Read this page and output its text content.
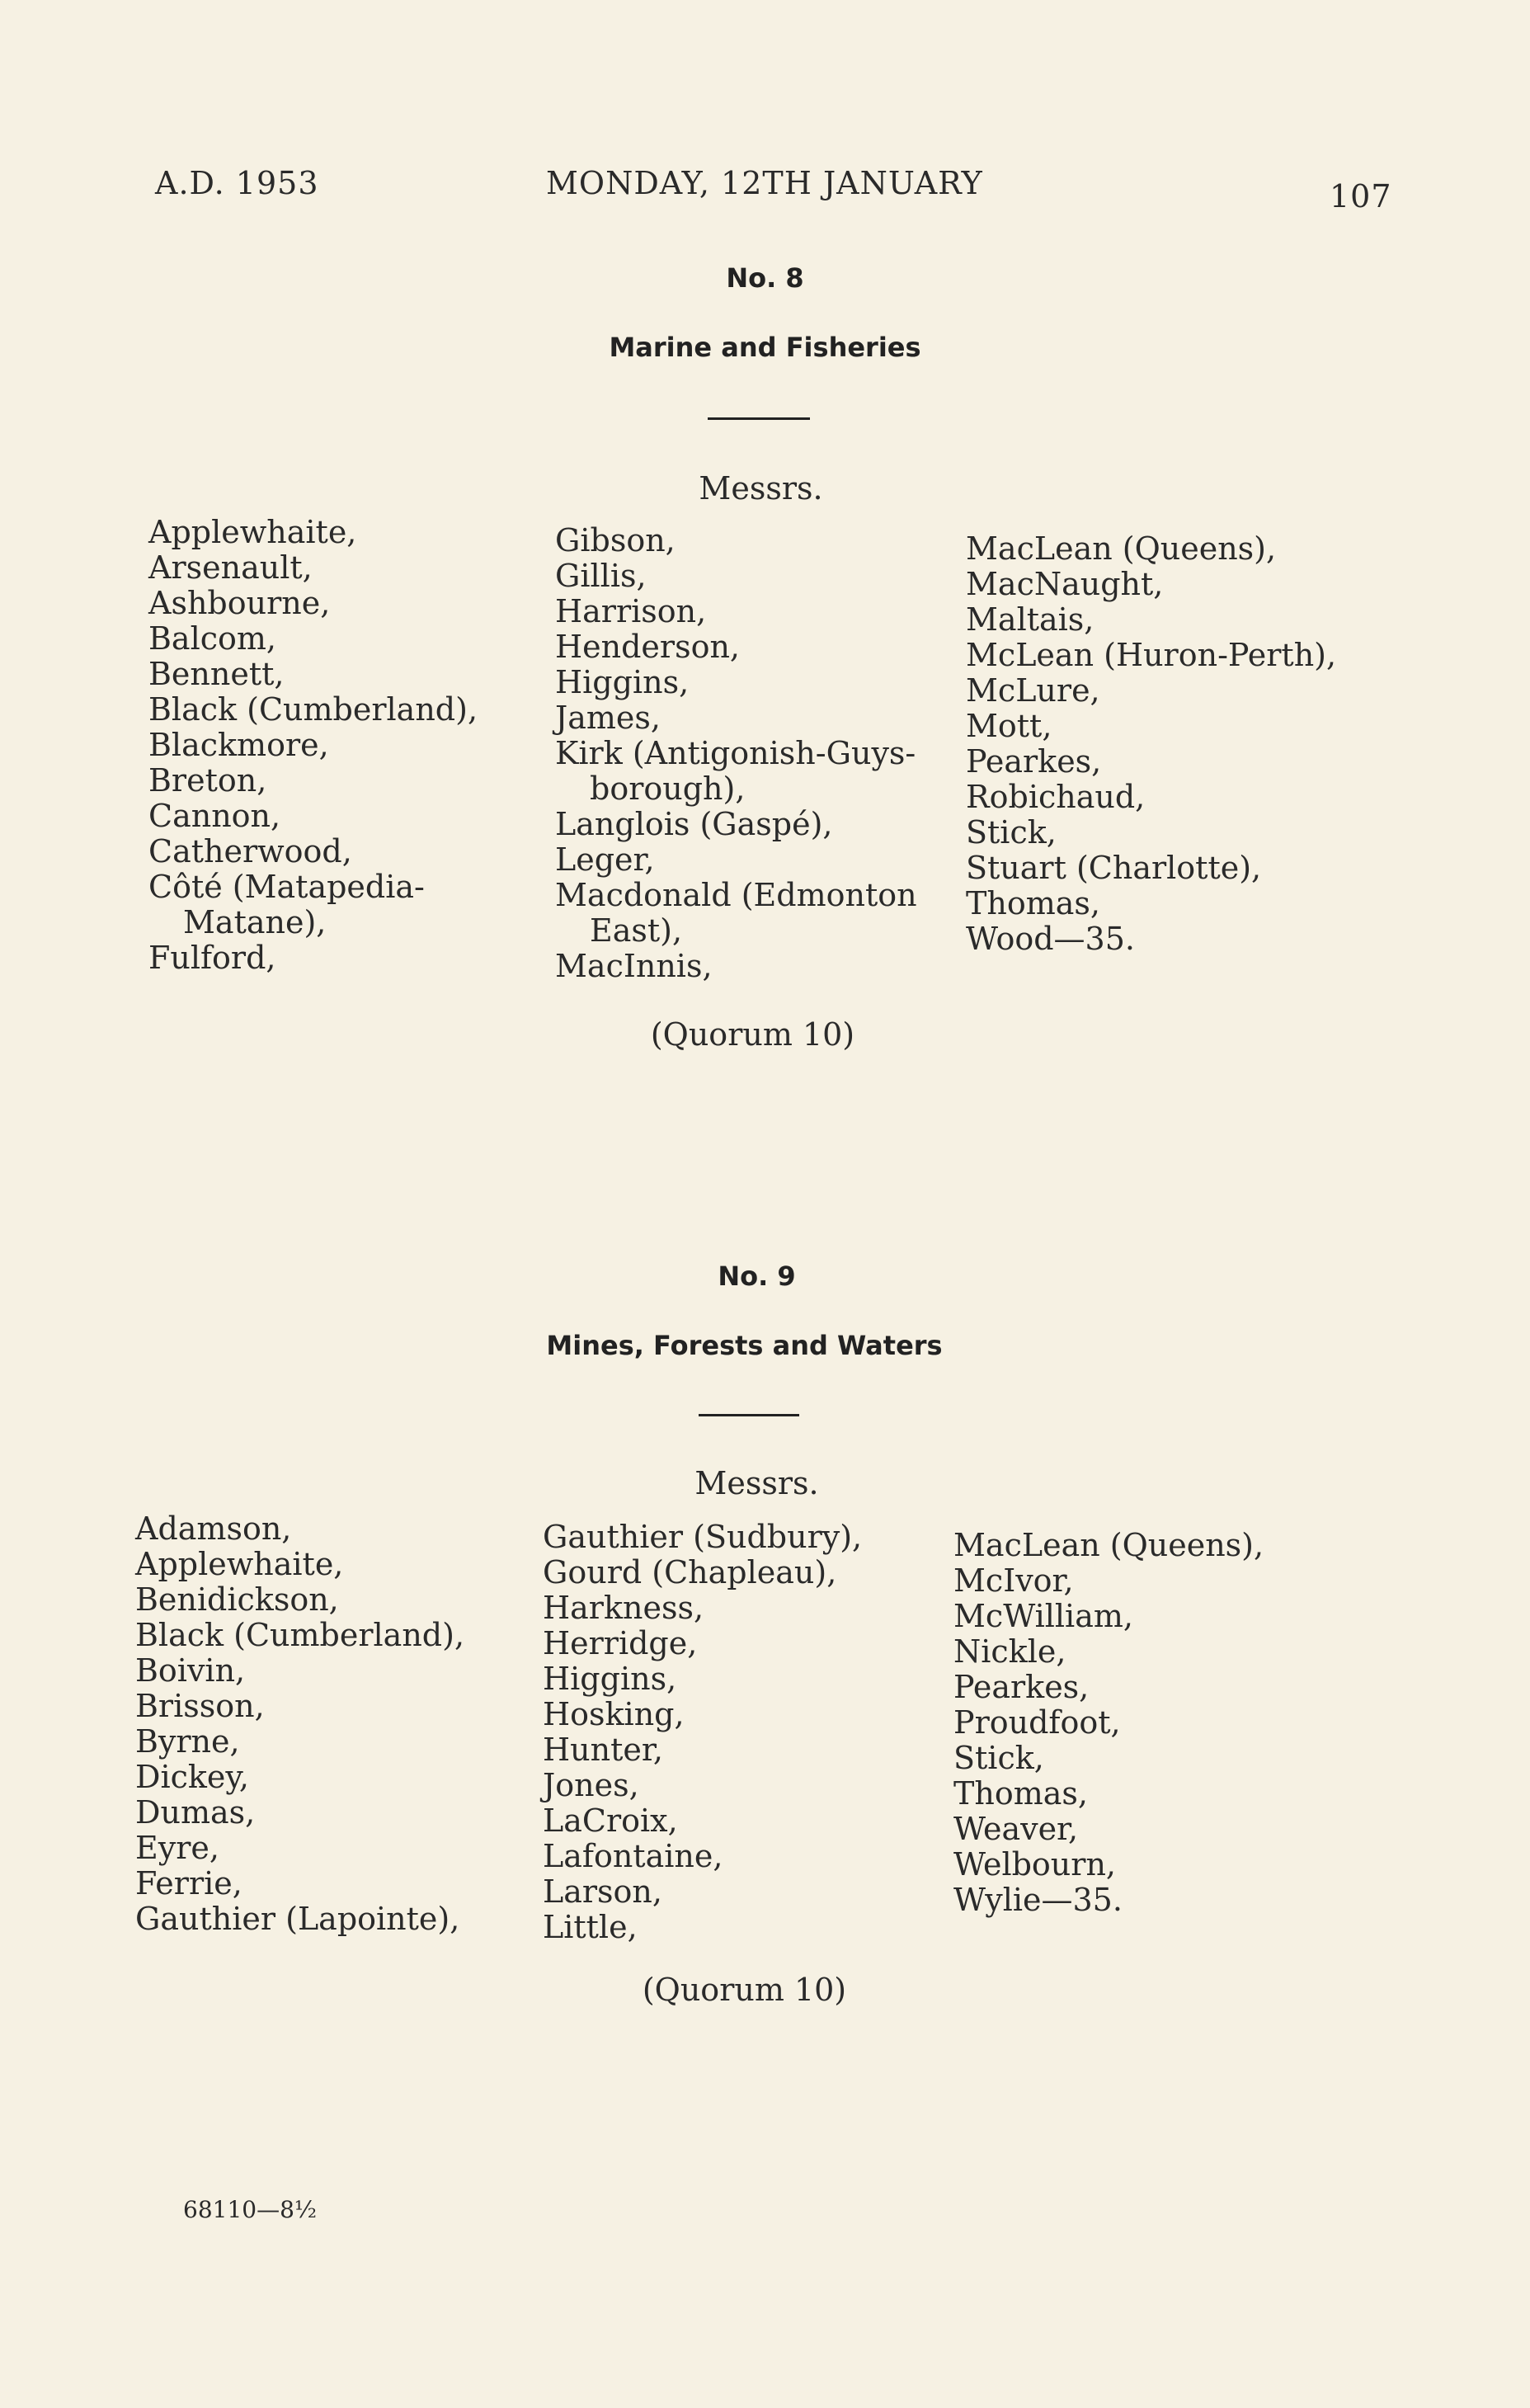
A.D. 1953	MONDAY, 12TH JANUARY	107
No. 8
Marine and Fisheries
Messrs.
Applewhaite,
Arsenault,
Ashbourne,
Balcom,
Bennett,
Black (Cumberland),
Blackmore,
Breton,
Cannon,
Catherwood,
Côté (Matapedia-
Matane),
Fulford,
Gibson,
Gillis,
Harrison,
Henderson,
Higgins,
James,
Kirk (Antigonish-Guys-
borough),
Langlois (Gaspé),
Leger,
Macdonald (Edmonton
East),
MacInnis,
MacLean (Queens),
MacNaught,
Maltais,
McLean (Huron-Perth),
McLure,
Mott,
Pearkes,
Robichaud,
Stick,
Stuart (Charlotte),
Thomas,
Wood—35.
(Quorum 10)
No. 9
Mines, Forests and Waters
Messrs.
Adamson,
Applewhaite,
Benidickson,
Black (Cumberland),
Boivin,
Brisson,
Byrne,
Dickey,
Dumas,
Eyre,
Ferrie,
Gauthier (Lapointe),
Gauthier (Sudbury),
Gourd (Chapleau),
Harkness,
Herridge,
Higgins,
Hosking,
Hunter,
Jones,
LaCroix,
Lafontaine,
Larson,
Little,
MacLean (Queens),
McIvor,
McWilliam,
Nickle,
Pearkes,
Proudfoot,
Stick,
Thomas,
Weaver,
Welbourn,
Wylie—35.
(Quorum 10)
68110—8½
